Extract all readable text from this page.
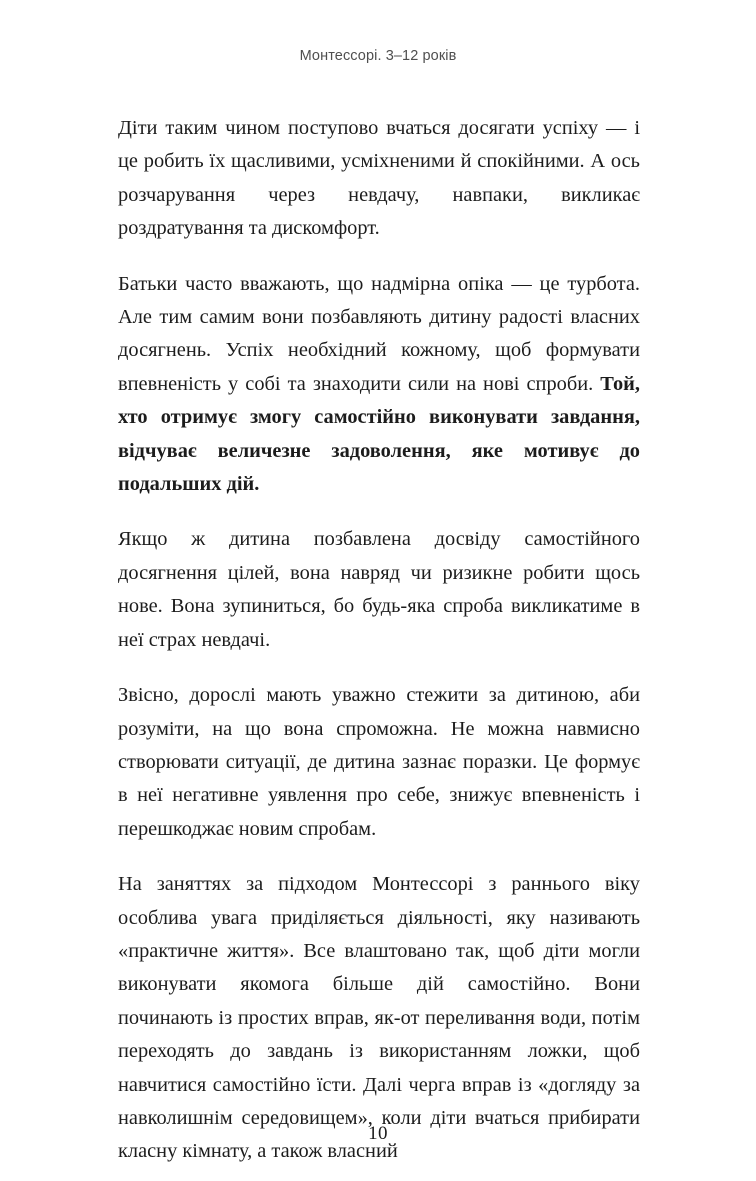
Монтессорі. 3–12 років

Діти таким чином поступово вчаться досягати успіху — і це робить їх щасливими, усміхненими й спокійними. А ось розчарування через невдачу, навпаки, викликає роздратування та дискомфорт.

Батьки часто вважають, що надмірна опіка — це турбота. Але тим самим вони позбавляють дитину радості власних досягнень. Успіх необхідний кожному, щоб формувати впевненість у собі та знаходити сили на нові спроби. Той, хто отримує змогу самостійно виконувати завдання, відчуває величезне задоволення, яке мотивує до подальших дій.

Якщо ж дитина позбавлена досвіду самостійного досягнення цілей, вона навряд чи ризикне робити щось нове. Вона зупиниться, бо будь-яка спроба викликатиме в неї страх невдачі.

Звісно, дорослі мають уважно стежити за дитиною, аби розуміти, на що вона спроможна. Не можна навмисно створювати ситуації, де дитина зазнає поразки. Це формує в неї негативне уявлення про себе, знижує впевненість і перешкоджає новим спробам.

На заняттях за підходом Монтессорі з раннього віку особлива увага приділяється діяльності, яку називають «практичне життя». Все влаштовано так, щоб діти могли виконувати якомога більше дій самостійно. Вони починають із простих вправ, як-от переливання води, потім переходять до завдань із використанням ложки, щоб навчитися самостійно їсти. Далі черга вправ із «догляду за навколишнім середовищем», коли діти вчаться прибирати класну кімнату, а також власний

10
